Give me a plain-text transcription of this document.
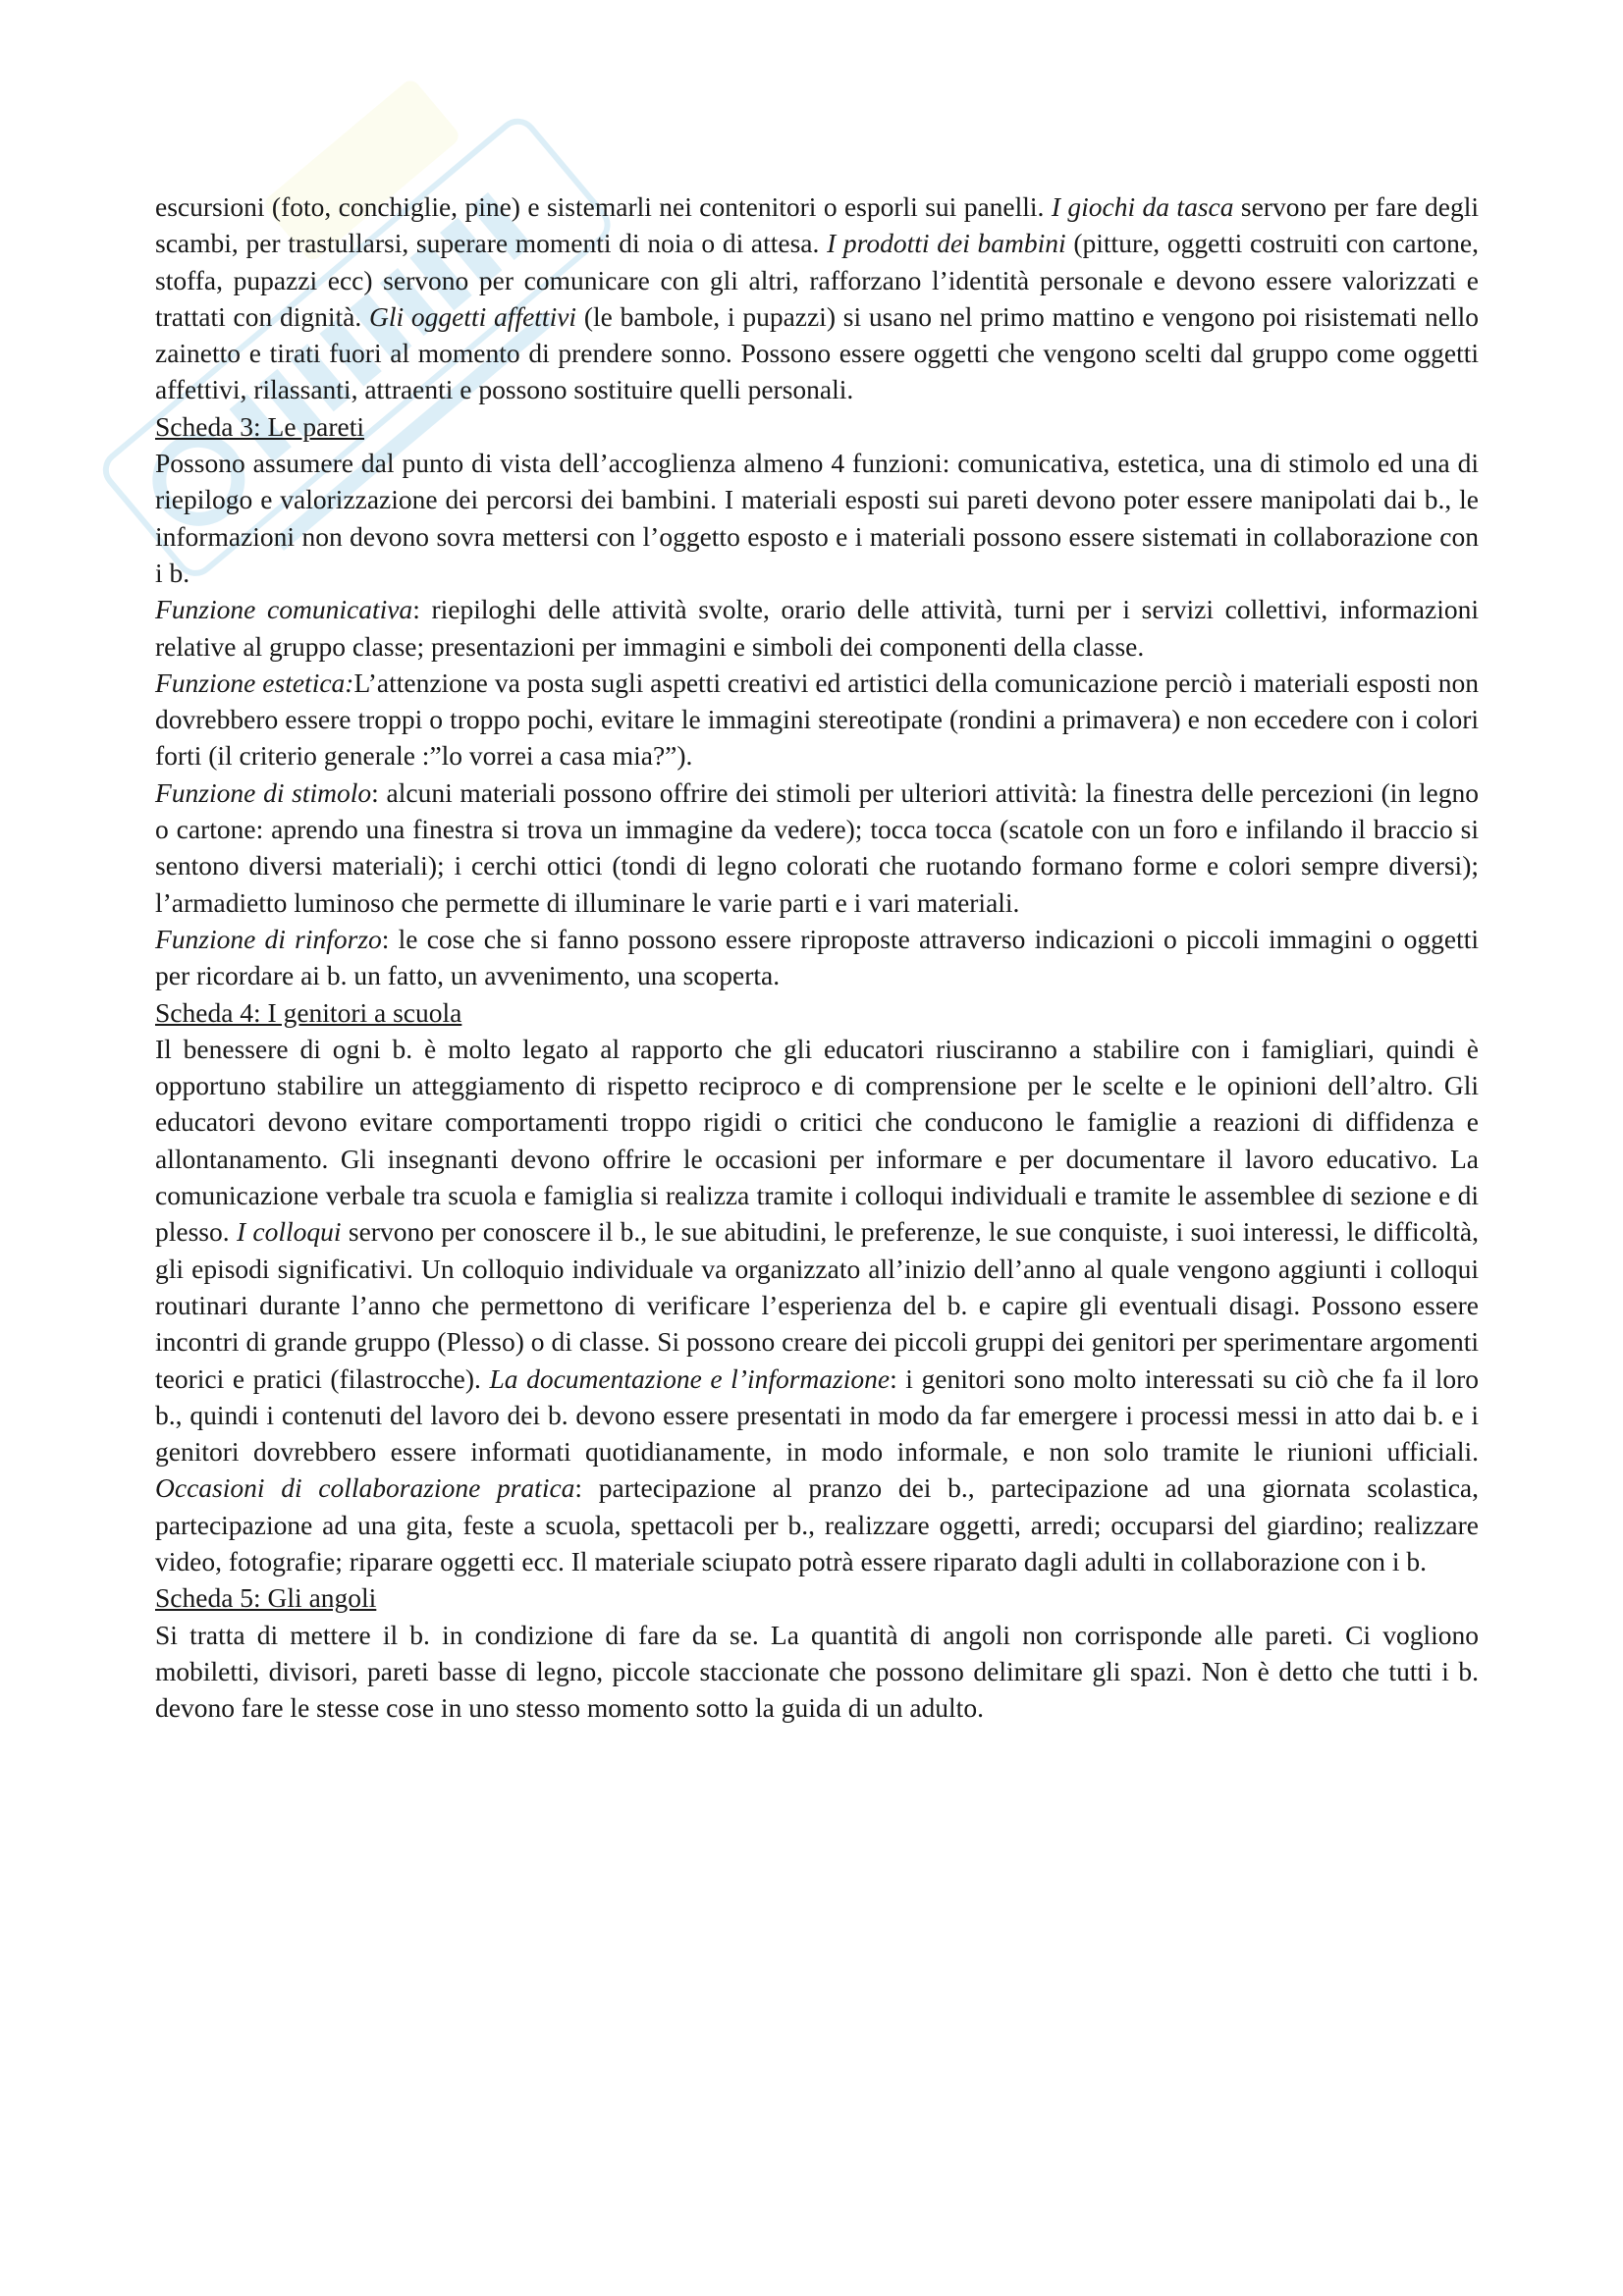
escursioni (foto, conchiglie, pine) e sistemarli nei contenitori o esporli sui panelli. I giochi da tasca servono per fare degli scambi, per trastullarsi, superare momenti di noia o di attesa. I prodotti dei bambini (pitture, oggetti costruiti con cartone, stoffa, pupazzi ecc) servono per comunicare con gli altri, rafforzano l’identità personale e devono essere valorizzati e trattati con dignità. Gli oggetti affettivi (le bambole, i pupazzi) si usano nel primo mattino e vengono poi risistemati nello zainetto e tirati fuori al momento di prendere sonno. Possono essere oggetti che vengono scelti dal gruppo come oggetti affettivi, rilassanti, attraenti e possono sostituire quelli personali.

Scheda 3: Le pareti

Possono assumere dal punto di vista dell’accoglienza almeno 4 funzioni: comunicativa, estetica, una di stimolo ed una di riepilogo e valorizzazione dei percorsi dei bambini. I materiali esposti sui pareti devono poter essere manipolati dai b., le informazioni non devono sovra mettersi con l’oggetto esposto e i materiali possono essere sistemati in collaborazione con i b.

Funzione comunicativa: riepiloghi delle attività svolte, orario delle attività, turni per i servizi collettivi, informazioni relative al gruppo classe; presentazioni per immagini e simboli dei componenti della classe.

Funzione estetica:L’attenzione va posta sugli aspetti creativi ed artistici della comunicazione perciò i materiali esposti non dovrebbero essere troppi o troppo pochi, evitare le immagini stereotipate (rondini a primavera) e non eccedere con i colori forti (il criterio generale :”lo vorrei a casa mia?”).

Funzione di stimolo: alcuni materiali possono offrire dei stimoli per ulteriori attività: la finestra delle percezioni (in legno o cartone: aprendo una finestra si trova un immagine da vedere); tocca tocca (scatole con un foro e infilando il braccio si sentono diversi materiali); i cerchi ottici (tondi di legno colorati che ruotando formano forme e colori sempre diversi); l’armadietto luminoso che permette di illuminare le varie parti e i vari materiali.

Funzione di rinforzo: le cose che si fanno possono essere riproposte attraverso indicazioni o piccoli immagini o oggetti per ricordare ai b. un fatto, un avvenimento, una scoperta.

Scheda 4: I genitori a scuola

Il benessere di ogni b. è molto legato al rapporto che gli educatori riusciranno a stabilire con i famigliari, quindi è opportuno stabilire un atteggiamento di rispetto reciproco e di comprensione per le scelte e le opinioni dell’altro. Gli educatori devono evitare comportamenti troppo rigidi o critici che conducono le famiglie a reazioni di diffidenza e allontanamento. Gli insegnanti devono offrire le occasioni per informare e per documentare il lavoro educativo. La comunicazione verbale tra scuola e famiglia si realizza tramite i colloqui individuali e tramite le assemblee di sezione e di plesso. I colloqui servono per conoscere il b., le sue abitudini, le preferenze, le sue conquiste, i suoi interessi, le difficoltà, gli episodi significativi. Un colloquio individuale va organizzato all’inizio dell’anno al quale vengono aggiunti i colloqui routinari durante l’anno che permettono di verificare l’esperienza del b. e capire gli eventuali disagi. Possono essere incontri di grande gruppo (Plesso) o di classe. Si possono creare dei piccoli gruppi dei genitori per sperimentare argomenti teorici e pratici (filastrocche). La documentazione e l’informazione: i genitori sono molto interessati su ciò che fa il loro b., quindi i contenuti del lavoro dei b. devono essere presentati in modo da far emergere i processi messi in atto dai b. e i genitori dovrebbero essere informati quotidianamente, in modo informale, e non solo tramite le riunioni ufficiali. Occasioni di collaborazione pratica: partecipazione al pranzo dei b., partecipazione ad una giornata scolastica, partecipazione ad una gita, feste a scuola, spettacoli per b., realizzare oggetti, arredi; occuparsi del giardino; realizzare video, fotografie; riparare oggetti ecc. Il materiale sciupato potrà essere riparato dagli adulti in collaborazione con i b.

Scheda 5: Gli angoli

Si tratta di mettere il b. in condizione di fare da se. La quantità di angoli non corrisponde alle pareti. Ci vogliono mobiletti, divisori, pareti basse di legno, piccole staccionate che possono delimitare gli spazi. Non è detto che tutti i b. devono fare le stesse cose in uno stesso momento sotto la guida di un adulto.
